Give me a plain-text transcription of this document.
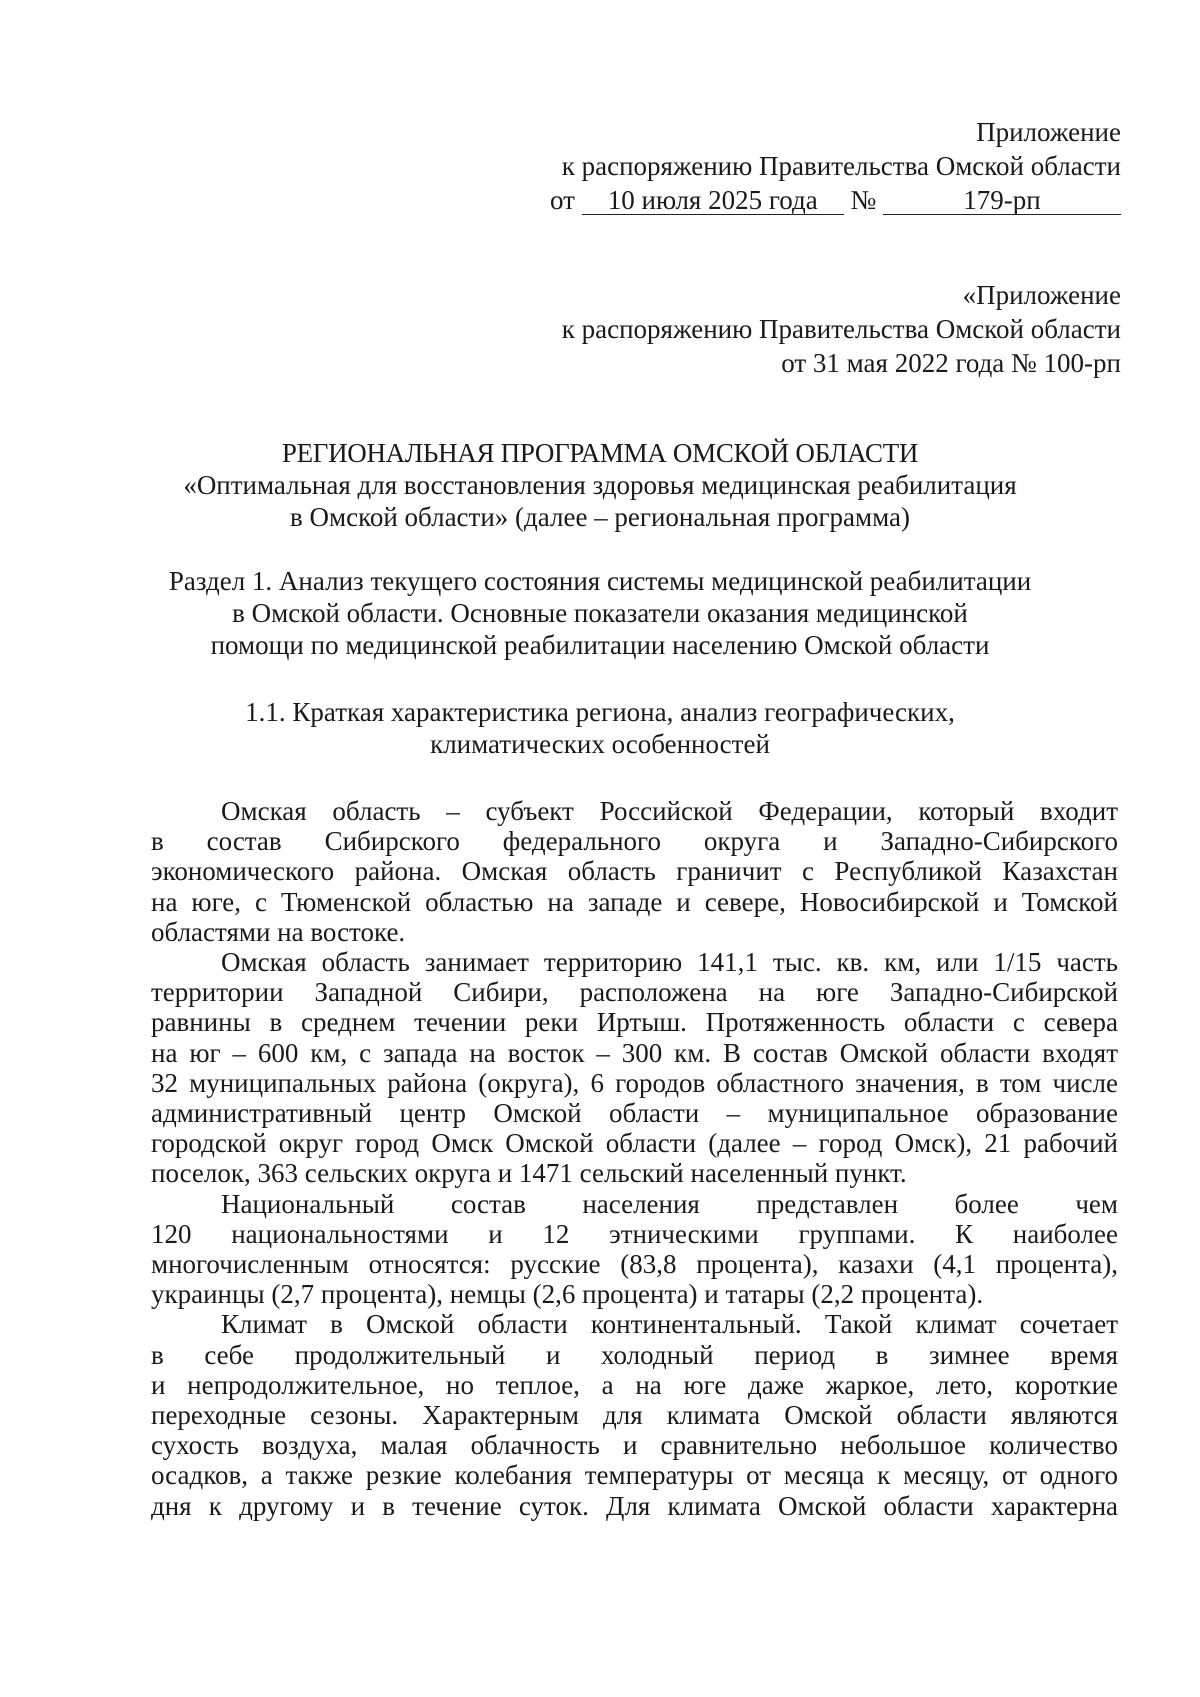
Приложение
к распоряжению Правительства Омской области
от 10 июля 2025 года №	179-рп
«Приложение
к распоряжению Правительства Омской области
от 31 мая 2022 года № 100-рп
РЕГИОНАЛЬНАЯ ПРОГРАММА ОМСКОЙ ОБЛАСТИ
«Оптимальная для восстановления здоровья медицинская реабилитация
в Омской области» (далее – региональная программа)
Раздел 1. Анализ текущего состояния системы медицинской реабилитации
в Омской области. Основные показатели оказания медицинской
помощи по медицинской реабилитации населению Омской области
1.1. Краткая характеристика региона, анализ географических,
климатических особенностей

Омская область – субъект Российской Федерации, который входит
в состав Сибирского федерального округа и Западно-Сибирского
экономического района. Омская область граничит с Республикой Казахстан
на юге, с Тюменской областью на западе и севере, Новосибирской и Томской
областями на востоке.

Омская область занимает территорию 141,1 тыс. кв. км, или 1/15 часть
территории Западной Сибири, расположена на юге Западно-Сибирской
равнины в среднем течении реки Иртыш. Протяженность области с севера
на юг – 600 км, с запада на восток – 300 км. В состав Омской области входят
32 муниципальных района (округа), 6 городов областного значения, в том числе
административный центр Омской области – муниципальное образование
городской округ город Омск Омской области (далее – город Омск), 21 рабочий
поселок, 363 сельских округа и 1471 сельский населенный пункт.

Национальный состав населения представлен более чем
120 национальностями и 12 этническими группами. К наиболее
многочисленным относятся: русские (83,8 процента), казахи (4,1 процента),
украинцы (2,7 процента), немцы (2,6 процента) и татары (2,2 процента).

Климат в Омской области континентальный. Такой климат сочетает
в себе продолжительный и холодный период в зимнее время
и непродолжительное, но теплое, а на юге даже жаркое, лето, короткие
переходные сезоны. Характерным для климата Омской области являются
сухость воздуха, малая облачность и сравнительно небольшое количество
осадков, а также резкие колебания температуры от месяца к месяцу, от одного
дня к другому и в течение суток. Для климата Омской области характерна
